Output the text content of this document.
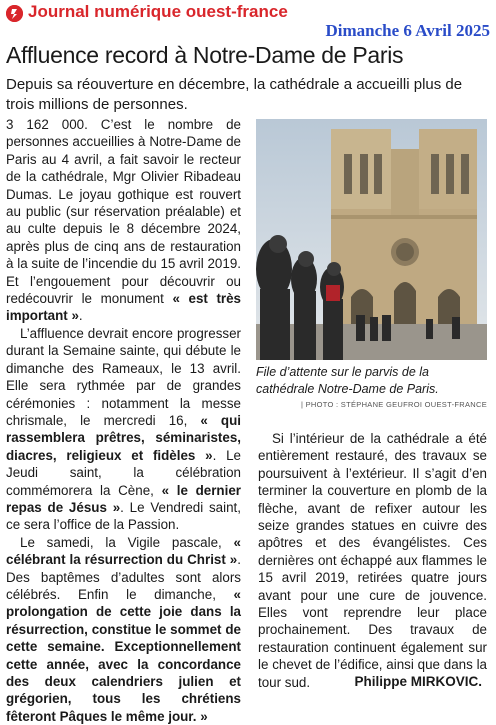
Journal numérique ouest-france
Dimanche 6 Avril 2025
Affluence record à Notre-Dame de Paris
Depuis sa réouverture en décembre, la cathédrale a accueilli plus de trois millions de personnes.

3 162 000. C’est le nombre de personnes accueillies à Notre-Dame de Paris au 4 avril, a fait savoir le recteur de la cathédrale, Mgr Olivier Ribadeau Dumas. Le joyau gothique est rouvert au public (sur réservation préalable) et au culte depuis le 8 décembre 2024, après plus de cinq ans de restauration à la suite de l’incendie du 15 avril 2019. Et l’engouement pour découvrir ou redécouvrir le monument « est très important ».

L’affluence devrait encore progresser durant la Semaine sainte, qui débute le dimanche des Rameaux, le 13 avril. Elle sera rythmée par de grandes cérémonies : notamment la messe chrismale, le mercredi 16, « qui rassemblera prêtres, séminaristes, diacres, religieux et fidèles ». Le Jeudi saint, la célébration commémorera la Cène, « le dernier repas de Jésus ». Le Vendredi saint, ce sera l’office de la Passion.

Le samedi, la Vigile pascale, « célébrant la résurrection du Christ ». Des baptêmes d’adultes sont alors célébrés. Enfin le dimanche, « prolongation de cette joie dans la résurrection, constitue le sommet de cette semaine. Exceptionnellement cette année, avec la concordance des deux calendriers julien et grégorien, tous les chrétiens fêteront Pâques le même jour. »

File d’attente sur le parvis de la cathédrale Notre-Dame de Paris.
| PHOTO : STÉPHANE GEUFROI OUEST-FRANCE

Si l’intérieur de la cathédrale a été entièrement restauré, des travaux se poursuivent à l’extérieur. Il s’agit d’en terminer la couverture en plomb de la flèche, avant de refixer autour les seize grandes statues en cuivre des apôtres et des évangélistes. Ces dernières ont échappé aux flammes le 15 avril 2019, retirées quatre jours avant pour une cure de jouvence. Elles vont reprendre leur place prochainement. Des travaux de restauration continuent également sur le chevet de l’édifice, ainsi que dans la tour sud.	Philippe MIRKOVIC.
